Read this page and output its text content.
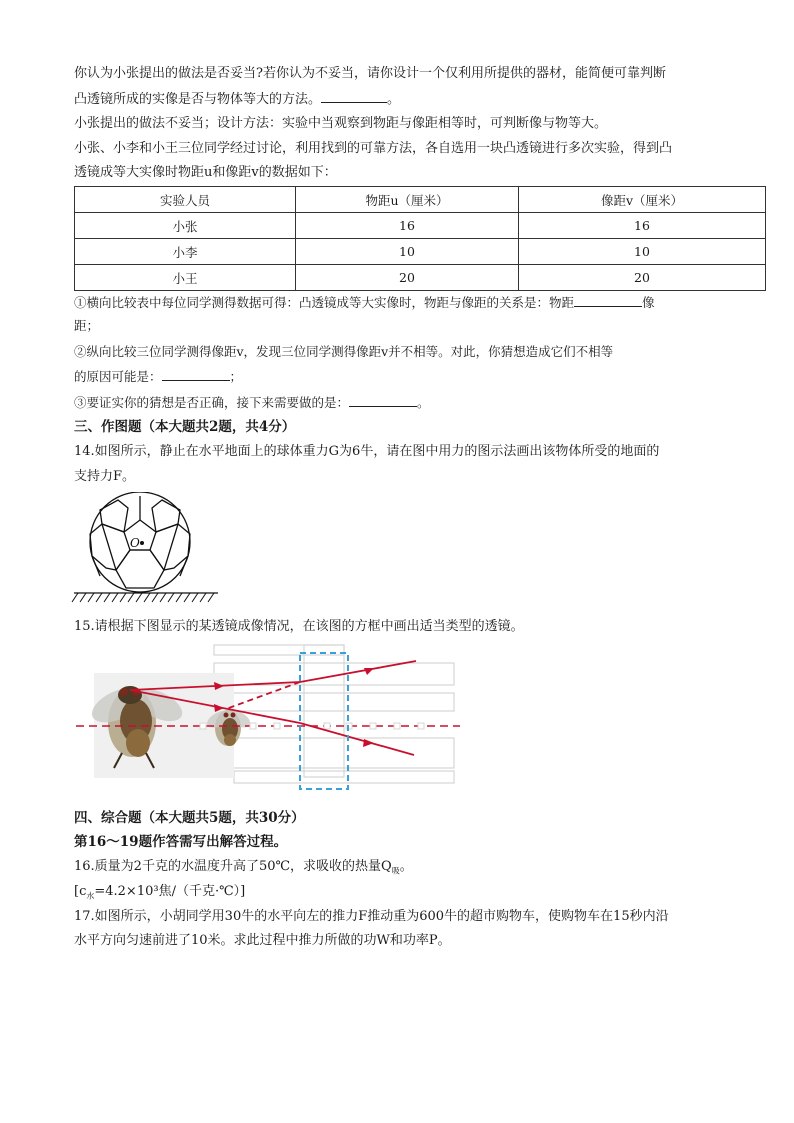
你认为小张提出的做法是否妥当?若你认为不妥当，请你设计一个仅利用所提供的器材，能简便可靠判断
凸透镜所成的实像是否与物体等大的方法。	。
小张提出的做法不妥当；设计方法：实验中当观察到物距与像距相等时，可判断像与物等大。
小张、小李和小王三位同学经过讨论，利用找到的可靠方法，各自选用一块凸透镜进行多次实验，得到凸
透镜成等大实像时物距u和像距v的数据如下：
实验人员	物距u（厘米）	像距v（厘米）
小张	16	16
小李	10	10
小王	20	20
①横向比较表中每位同学测得数据可得：凸透镜成等大实像时，物距与像距的关系是：物距	像
距；
②纵向比较三位同学测得像距v，发现三位同学测得像距v并不相等。对此，你猜想造成它们不相等
的原因可能是：	；
③要证实你的猜想是否正确，接下来需要做的是：	。
三、作图题（本大题共2题，共4分）
14.如图所示，静止在水平地面上的球体重力G为6牛，请在图中用力的图示法画出该物体所受的地面的
支持力F。
O
15.请根据下图显示的某透镜成像情况，在该图的方框中画出适当类型的透镜。
四、综合题（本大题共5题，共30分）
第16～19题作答需写出解答过程。
16.质量为2千克的水温度升高了50℃，求吸收的热量$Q_吸$。
[$c_水=4.2\times 10^3$焦/（千克·℃）]
17.如图所示，小胡同学用30牛的水平向左的推力F推动重为600牛的超市购物车，使购物车在15秒内沿
水平方向匀速前进了10米。求此过程中推力所做的功W和功率P。
